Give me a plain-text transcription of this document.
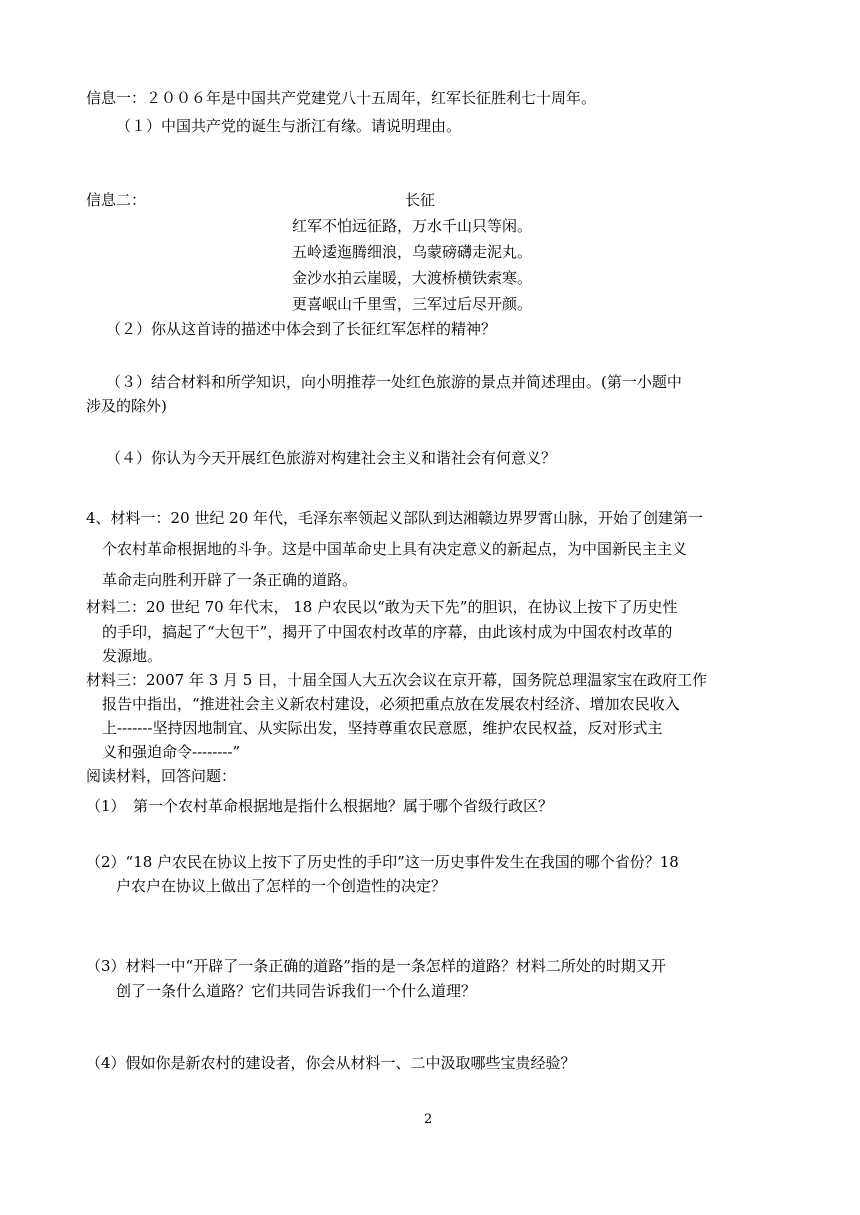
信息一：２００６年是中国共产党建党八十五周年，红军长征胜利七十周年。
（１）中国共产党的诞生与浙江有缘。请说明理由。
信息二：	长征
红军不怕远征路，万水千山只等闲。
五岭逶迤腾细浪，乌蒙磅礴走泥丸。
金沙水拍云崖暖，大渡桥横铁索寒。
更喜岷山千里雪，三军过后尽开颜。
（２）你从这首诗的描述中体会到了长征红军怎样的精神？
（３）结合材料和所学知识，向小明推荐一处红色旅游的景点并简述理由。(第一小题中
涉及的除外)
（４）你认为今天开展红色旅游对构建社会主义和谐社会有何意义？
4、材料一：20 世纪 20 年代，毛泽东率领起义部队到达湘赣边界罗霄山脉，开始了创建第一
个农村革命根据地的斗争。这是中国革命史上具有决定意义的新起点，为中国新民主主义
革命走向胜利开辟了一条正确的道路。
材料二：20 世纪 70 年代末， 18 户农民以“敢为天下先”的胆识，在协议上按下了历史性
的手印，搞起了“大包干”，揭开了中国农村改革的序幕，由此该村成为中国农村改革的
发源地。
材料三：2007 年 3 月 5 日，十届全国人大五次会议在京开幕，国务院总理温家宝在政府工作
报告中指出，“推进社会主义新农村建设，必须把重点放在发展农村经济、增加农民收入
上-------坚持因地制宜、从实际出发，坚持尊重农民意愿，维护农民权益，反对形式主
义和强迫命令--------”
阅读材料，回答问题：
（1）　第一个农村革命根据地是指什么根据地？属于哪个省级行政区？
（2）“18 户农民在协议上按下了历史性的手印”这一历史事件发生在我国的哪个省份？18
户农户在协议上做出了怎样的一个创造性的决定？
（3）材料一中“开辟了一条正确的道路”指的是一条怎样的道路？材料二所处的时期又开
创了一条什么道路？它们共同告诉我们一个什么道理？
（4）假如你是新农村的建设者，你会从材料一、二中汲取哪些宝贵经验？
2
